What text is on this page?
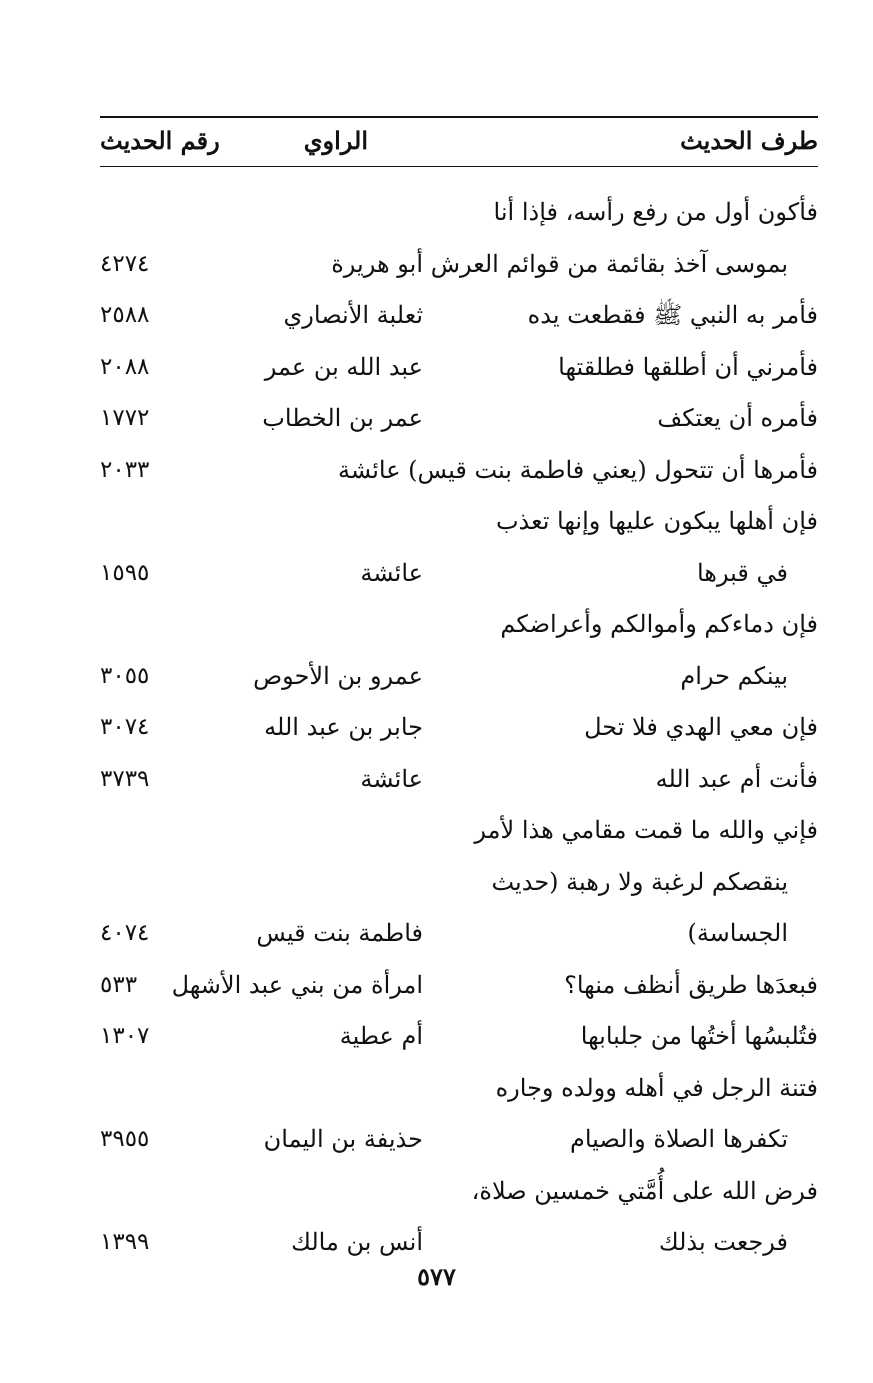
طرف الحديث
الراوي
رقم الحديث
فأكون أول من رفع رأسه، فإذا أنا
بموسى آخذ بقائمة من قوائم العرش
أبو هريرة
٤٢٧٤
فأمر به النبي ﷺ فقطعت يده
ثعلبة الأنصاري
٢٥٨٨
فأمرني أن أطلقها فطلقتها
عبد الله بن عمر
٢٠٨٨
فأمره أن يعتكف
عمر بن الخطاب
١٧٧٢
فأمرها أن تتحول (يعني فاطمة بنت قيس) عائشة
٢٠٣٣
فإن أهلها يبكون عليها وإنها تعذب
في قبرها
عائشة
١٥٩٥
فإن دماءكم وأموالكم وأعراضكم
بينكم حرام
عمرو بن الأحوص
٣٠٥٥
فإن معي الهدي فلا تحل
جابر بن عبد الله
٣٠٧٤
فأنت أم عبد الله
عائشة
٣٧٣٩
فإني والله ما قمت مقامي هذا لأمر
ينقصكم لرغبة ولا رهبة (حديث
الجساسة)
فاطمة بنت قيس
٤٠٧٤
فبعدَها طريق أنظف منها؟
امرأة من بني عبد الأشهل
٥٣٣
فتُلبسُها أختُها من جلبابها
أم عطية
١٣٠٧
فتنة الرجل في أهله وولده وجاره
تكفرها الصلاة والصيام
حذيفة بن اليمان
٣٩٥٥
فرض الله على أُمَّتي خمسين صلاة،
فرجعت بذلك
أنس بن مالك
١٣٩٩
٥٧٧
